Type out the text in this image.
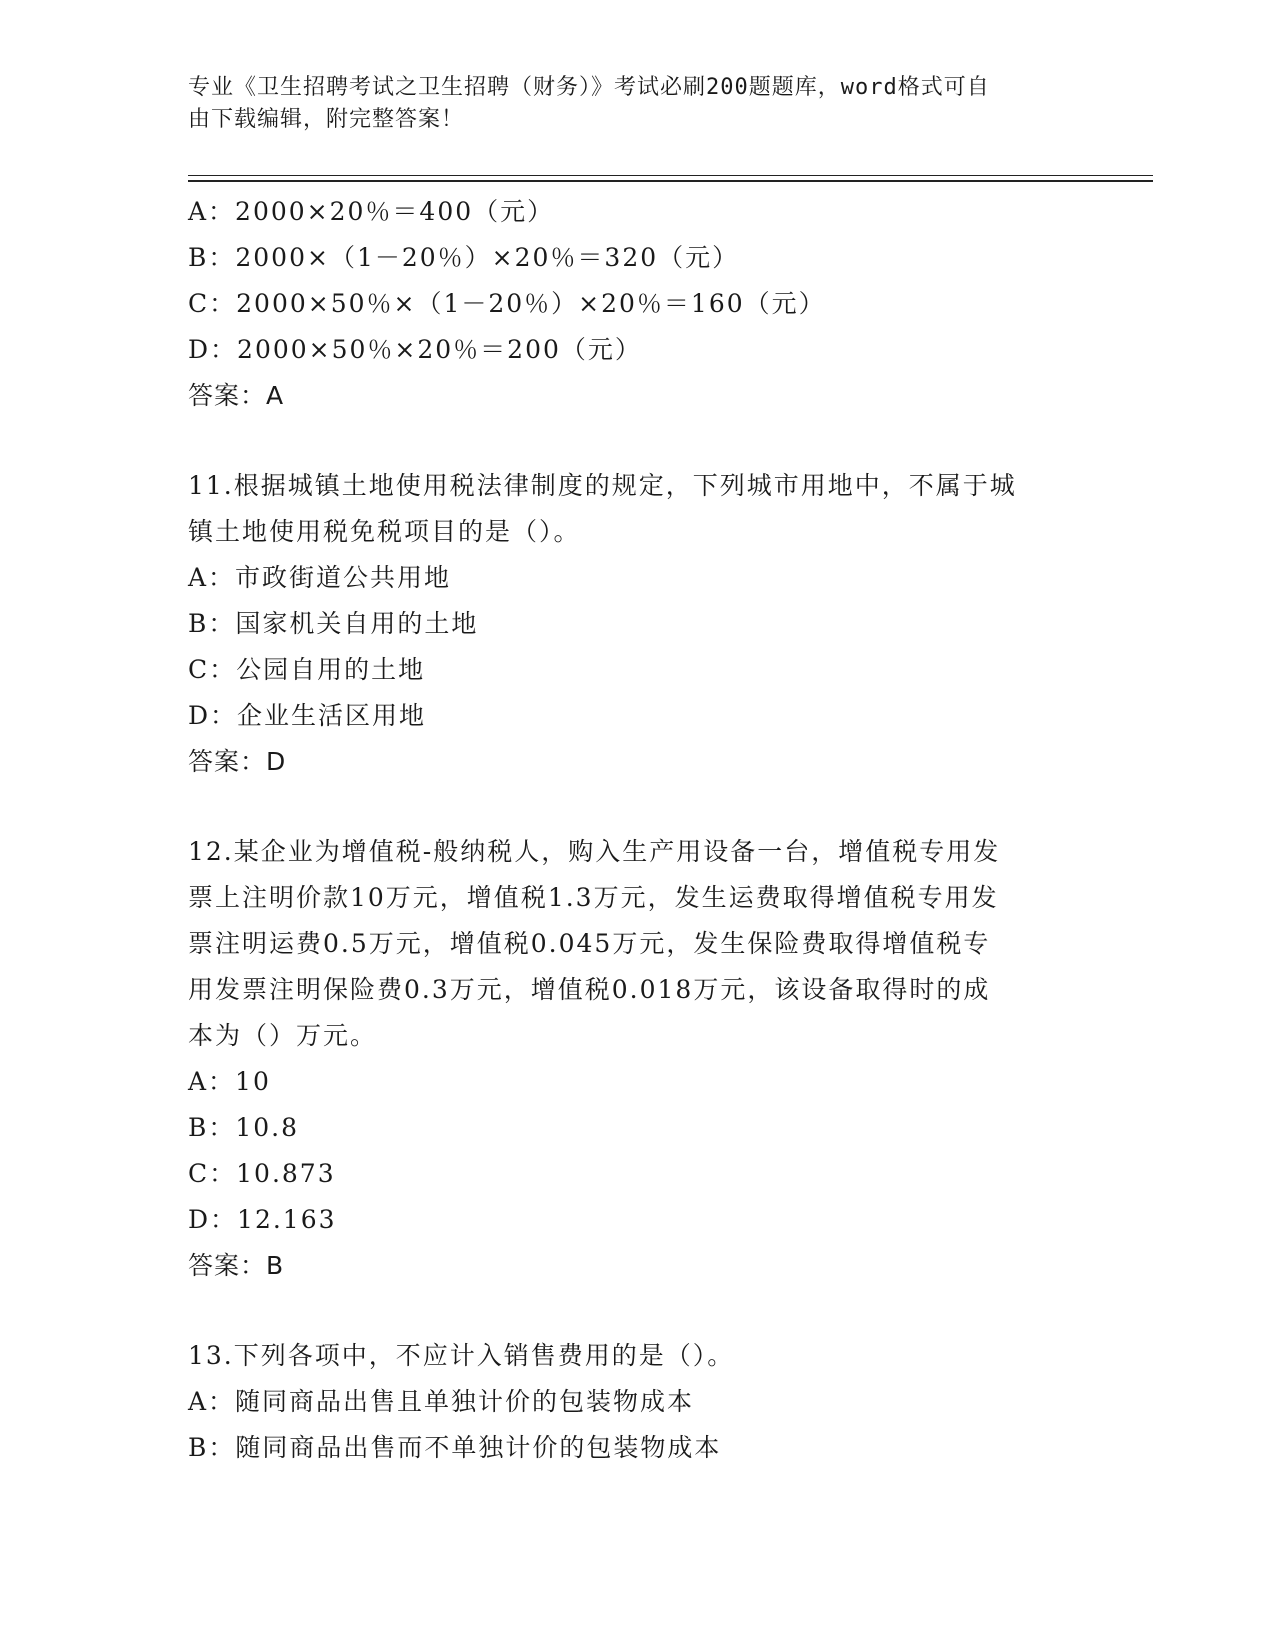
专业《卫生招聘考试之卫生招聘（财务）》考试必刷200题题库，word格式可自
由下载编辑，附完整答案！
A：2000×20％＝400（元）
B：2000×（1－20％）×20％＝320（元）
C：2000×50％×（1－20％）×20％＝160（元）
D：2000×50％×20％＝200（元）
答案：A
11.根据城镇土地使用税法律制度的规定，下列城市用地中，不属于城
镇土地使用税免税项目的是（）。
A：市政街道公共用地
B：国家机关自用的土地
C：公园自用的土地
D：企业生活区用地
答案：D
12.某企业为增值税-般纳税人，购入生产用设备一台，增值税专用发
票上注明价款10万元，增值税1.3万元，发生运费取得增值税专用发
票注明运费0.5万元，增值税0.045万元，发生保险费取得增值税专
用发票注明保险费0.3万元，增值税0.018万元，该设备取得时的成
本为（）万元。
A：10
B：10.8
C：10.873
D：12.163
答案：B
13.下列各项中，不应计入销售费用的是（）。
A：随同商品出售且单独计价的包装物成本
B：随同商品出售而不单独计价的包装物成本
